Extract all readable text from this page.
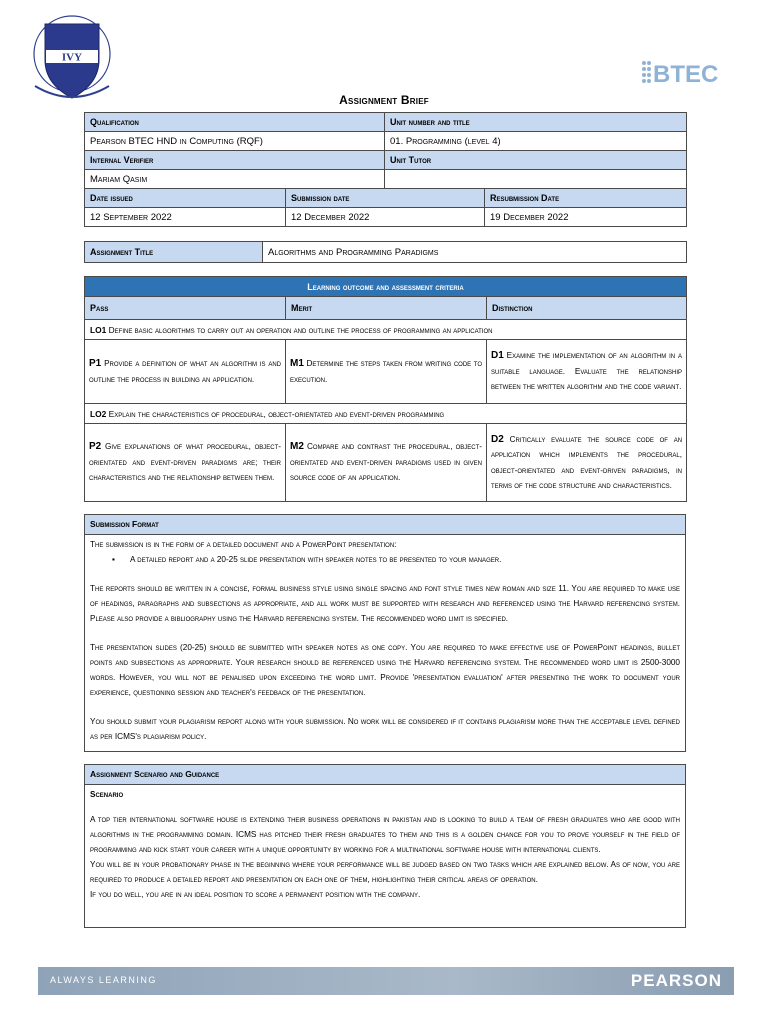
IVY
BTEC
Assignment Brief
Qualification		Unit number and title	
Pearson BTEC HND in Computing (RQF)		01. Programming (level 4)	
Internal Verifier		Unit Tutor	
Mariam Qasim			
Date issued	Submission date		Resubmission Date
12 September 2022	12 December 2022		19 December 2022
Assignment Title	Algorithms and Programming Paradigms
Learning outcome and assessment criteria		
Pass	Merit	Distinction
LO1 Define basic algorithms to carry out an operation and outline the process of programming an application		
P1 Provide a definition of what an algorithm is and outline the process in building an application.	M1 Determine the steps taken from writing code to execution.	D1 Examine the implementation of an algorithm in a suitable language. Evaluate the relationship between the written algorithm and the code variant.
LO2 Explain the characteristics of procedural, object-orientated and event-driven programming		
P2 Give explanations of what procedural, object-orientated and event-driven paradigms are; their characteristics and the relationship between them.	M2 Compare and contrast the procedural, object-orientated and event-driven paradigms used in given source code of an application.	D2 Critically evaluate the source code of an application which implements the procedural, object-orientated and event-driven paradigms, in terms of the code structure and characteristics.
Submission Format

The submission is in the form of a detailed document and a PowerPoint presentation:

▪ A detailed report and a 20-25 slide presentation with speaker notes to be presented to your manager.

The reports should be written in a concise, formal business style using single spacing and font style times new roman and size 11. You are required to make use of headings, paragraphs and subsections as appropriate, and all work must be supported with research and referenced using the Harvard referencing system. Please also provide a bibliography using the Harvard referencing system. The recommended word limit is specified.

The presentation slides (20-25) should be submitted with speaker notes as one copy. You are required to make effective use of PowerPoint headings, bullet points and subsections as appropriate. Your research should be referenced using the Harvard referencing system. The recommended word limit is 2500-3000 words. However, you will not be penalised upon exceeding the word limit. Provide 'presentation evaluation' after presenting the work to document your experience, questioning session and teacher's feedback of the presentation.

You should submit your plagiarism report along with your submission. No work will be considered if it contains plagiarism more than the acceptable level defined as per ICMS's plagiarism policy.

Assignment Scenario and Guidance

Scenario

A top tier international software house is extending their business operations in pakistan and is looking to build a team of fresh graduates who are good with algorithms in the programming domain. ICMS has pitched their fresh graduates to them and this is a golden chance for you to prove yourself in the field of programming and kick start your career with a unique opportunity by working for a multinational software house with international clients.

You will be in your probationary phase in the beginning where your performance will be judged based on two tasks which are explained below. As of now, you are required to produce a detailed report and presentation on each one of them, highlighting their critical areas of operation.

If you do well, you are in an ideal position to score a permanent position with the company.

ALWAYS LEARNING	PEARSON
